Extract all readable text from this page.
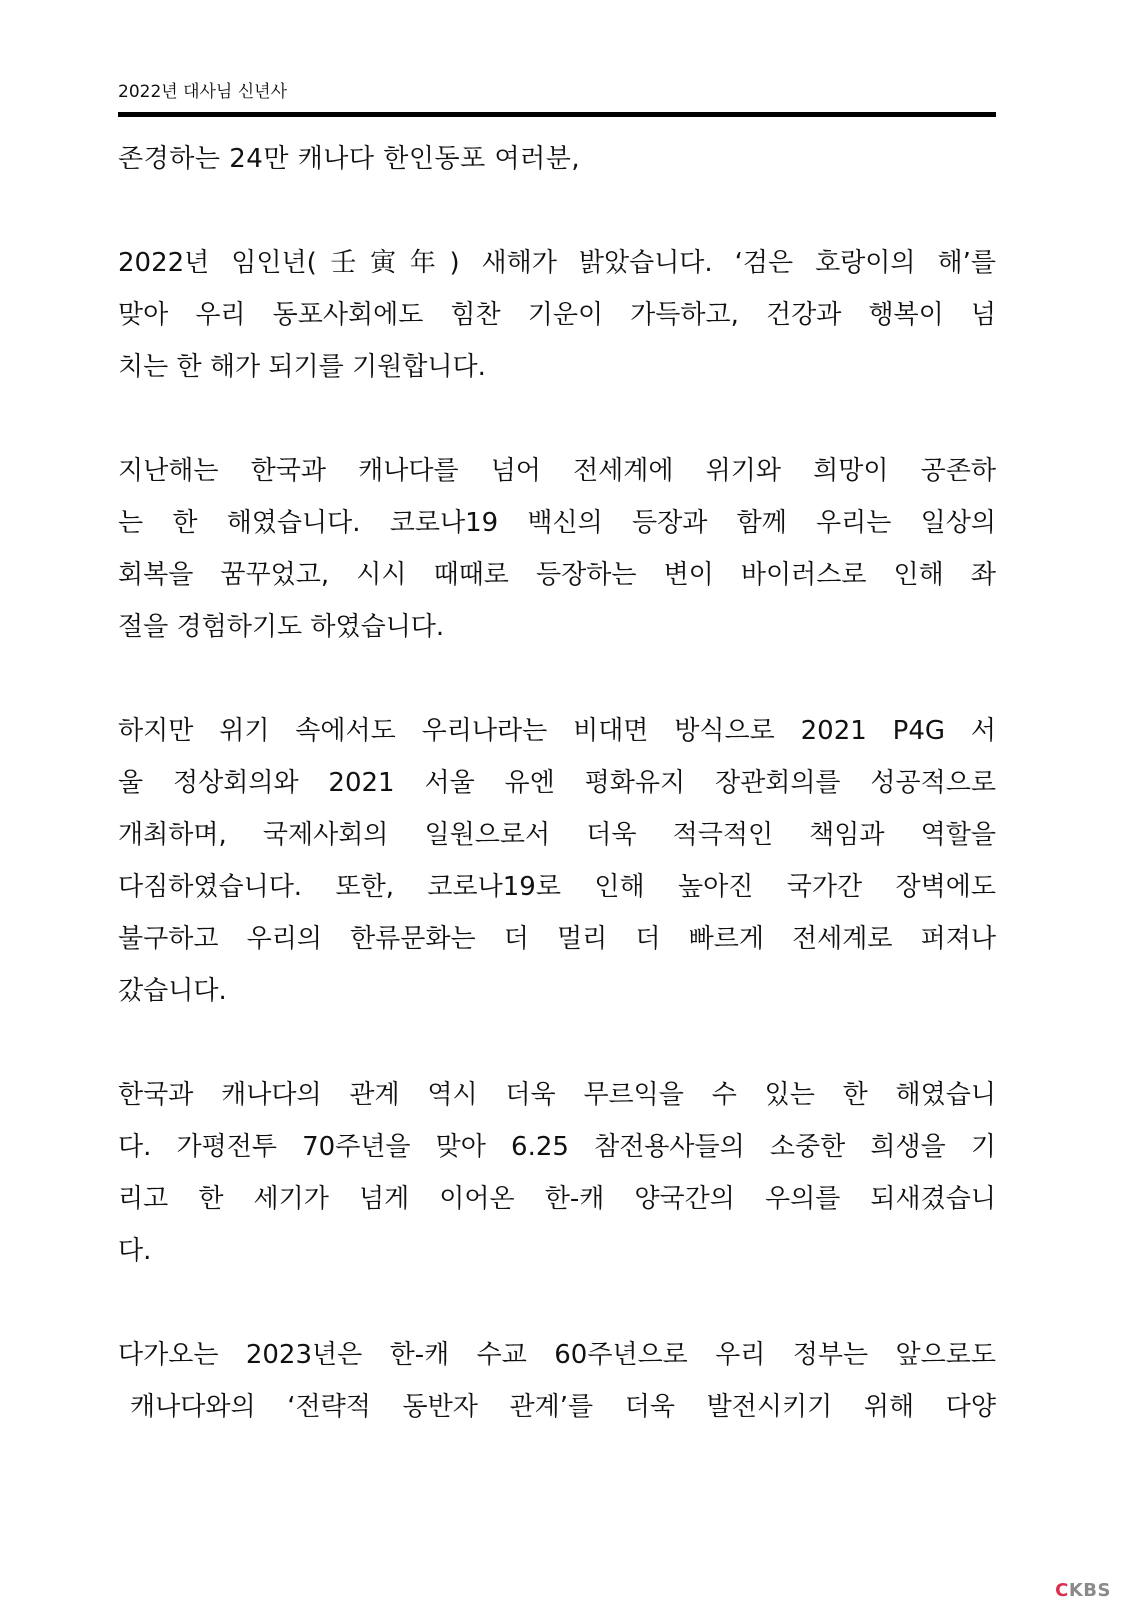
2022년 대사님 신년사
존경하는 24만 캐나다 한인동포 여러분,
2022년 임인년(壬寅年) 새해가 밝았습니다. ‘검은 호랑이의 해’를
맞아 우리 동포사회에도 힘찬 기운이 가득하고, 건강과 행복이 넘
치는 한 해가 되기를 기원합니다.
지난해는 한국과 캐나다를 넘어 전세계에 위기와 희망이 공존하
는 한 해였습니다. 코로나19 백신의 등장과 함께 우리는 일상의
회복을 꿈꾸었고, 시시 때때로 등장하는 변이 바이러스로 인해 좌
절을 경험하기도 하였습니다.
하지만 위기 속에서도 우리나라는 비대면 방식으로 2021 P4G 서
울 정상회의와 2021 서울 유엔 평화유지 장관회의를 성공적으로
개최하며, 국제사회의 일원으로서 더욱 적극적인 책임과 역할을
다짐하였습니다. 또한, 코로나19로 인해 높아진 국가간 장벽에도
불구하고 우리의 한류문화는 더 멀리 더 빠르게 전세계로 퍼져나
갔습니다.
한국과 캐나다의 관계 역시 더욱 무르익을 수 있는 한 해였습니
다. 가평전투 70주년을 맞아 6.25 참전용사들의 소중한 희생을 기
리고 한 세기가 넘게 이어온 한-캐 양국간의 우의를 되새겼습니
다.
다가오는 2023년은 한-캐 수교 60주년으로 우리 정부는 앞으로도
캐나다와의 ‘전략적 동반자 관계’를 더욱 발전시키기 위해 다양
CKBS
